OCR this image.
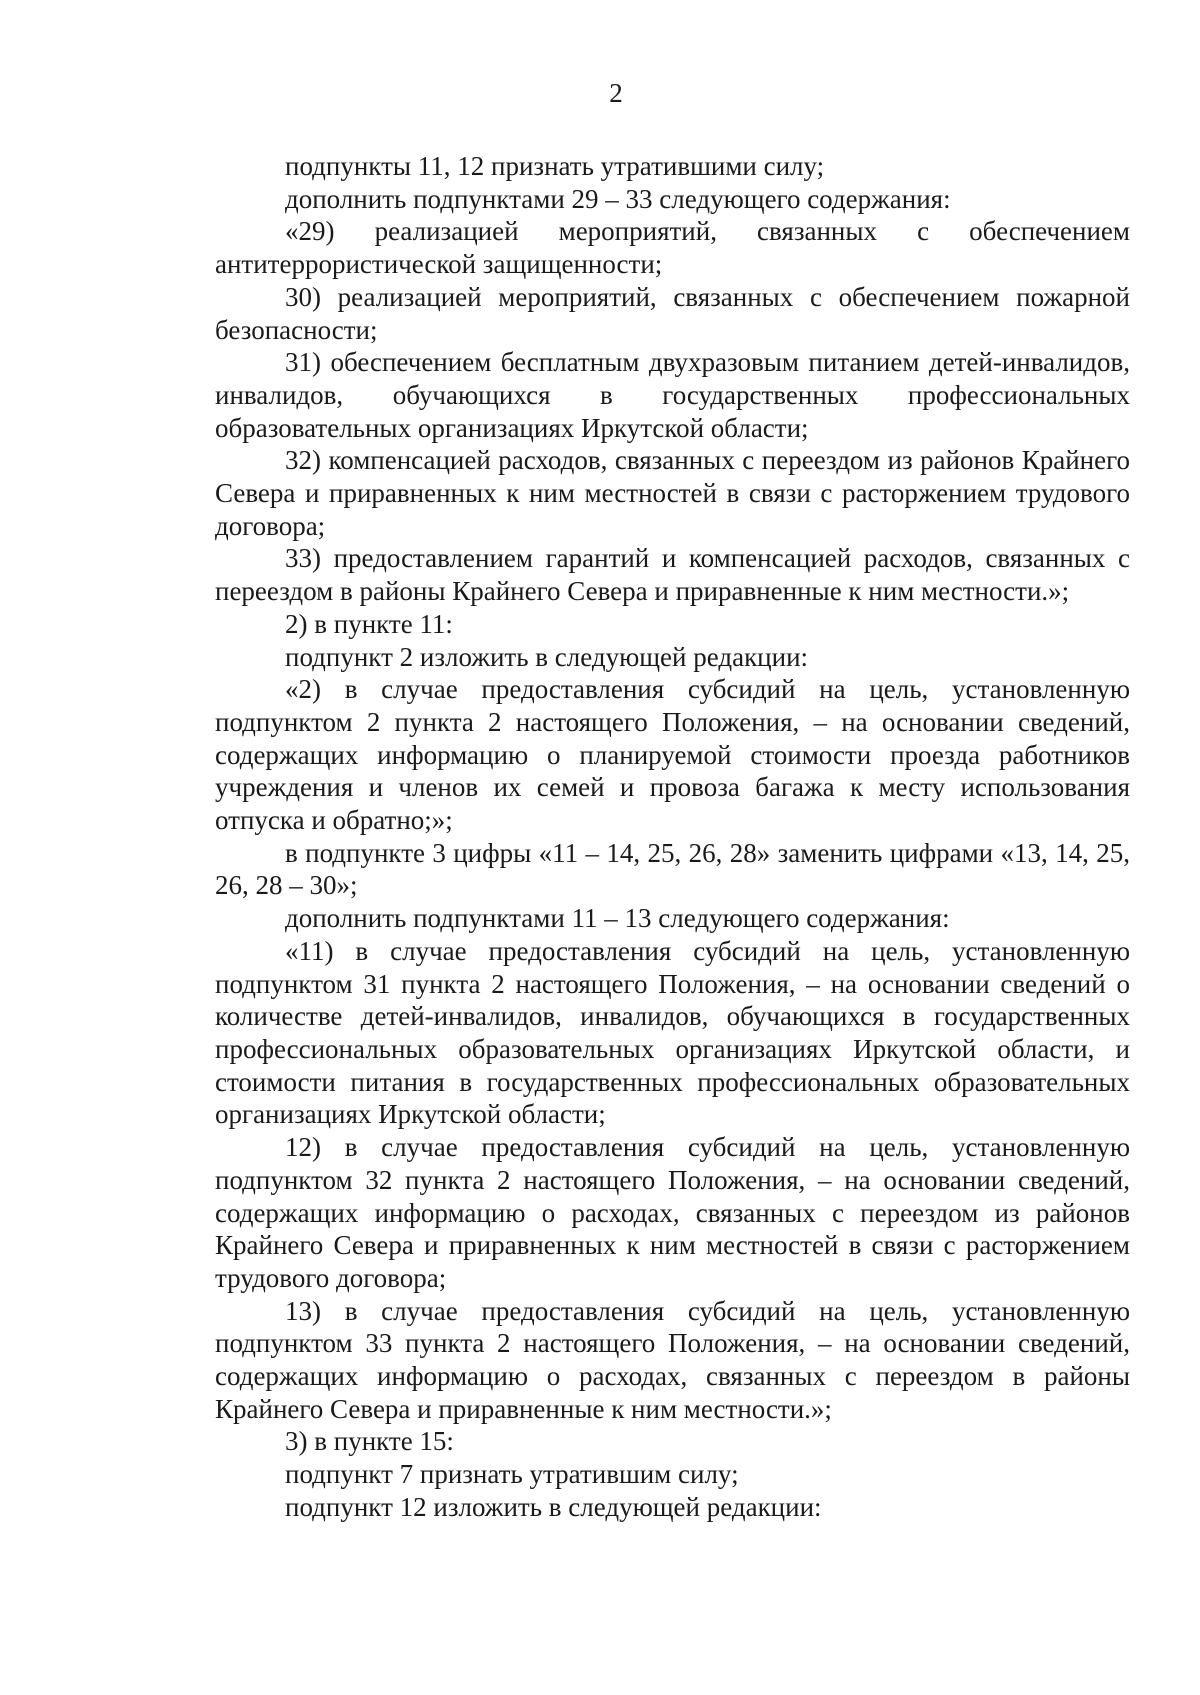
2

подпункты 11, 12 признать утратившими силу;

дополнить подпунктами 29 – 33 следующего содержания:

«29) реализацией мероприятий, связанных с обеспечением антитеррористической защищенности;

30) реализацией мероприятий, связанных с обеспечением пожарной безопасности;

31) обеспечением бесплатным двухразовым питанием детей-инвалидов, инвалидов, обучающихся в государственных профессиональных образовательных организациях Иркутской области;

32) компенсацией расходов, связанных с переездом из районов Крайнего Севера и приравненных к ним местностей в связи с расторжением трудового договора;

33) предоставлением гарантий и компенсацией расходов, связанных с переездом в районы Крайнего Севера и приравненные к ним местности.»;

2) в пункте 11:

подпункт 2 изложить в следующей редакции:

«2) в случае предоставления субсидий на цель, установленную подпунктом 2 пункта 2 настоящего Положения, – на основании сведений, содержащих информацию о планируемой стоимости проезда работников учреждения и членов их семей и провоза багажа к месту использования отпуска и обратно;»;

в подпункте 3 цифры «11 – 14, 25, 26, 28» заменить цифрами «13, 14, 25, 26, 28 – 30»;

дополнить подпунктами 11 – 13 следующего содержания:

«11) в случае предоставления субсидий на цель, установленную подпунктом 31 пункта 2 настоящего Положения, – на основании сведений о количестве детей-инвалидов, инвалидов, обучающихся в государственных профессиональных образовательных организациях Иркутской области, и стоимости питания в государственных профессиональных образовательных организациях Иркутской области;

12) в случае предоставления субсидий на цель, установленную подпунктом 32 пункта 2 настоящего Положения, – на основании сведений, содержащих информацию о расходах, связанных с переездом из районов Крайнего Севера и приравненных к ним местностей в связи с расторжением трудового договора;

13) в случае предоставления субсидий на цель, установленную подпунктом 33 пункта 2 настоящего Положения, – на основании сведений, содержащих информацию о расходах, связанных с переездом в районы Крайнего Севера и приравненные к ним местности.»;

3) в пункте 15:

подпункт 7 признать утратившим силу;

подпункт 12 изложить в следующей редакции:
